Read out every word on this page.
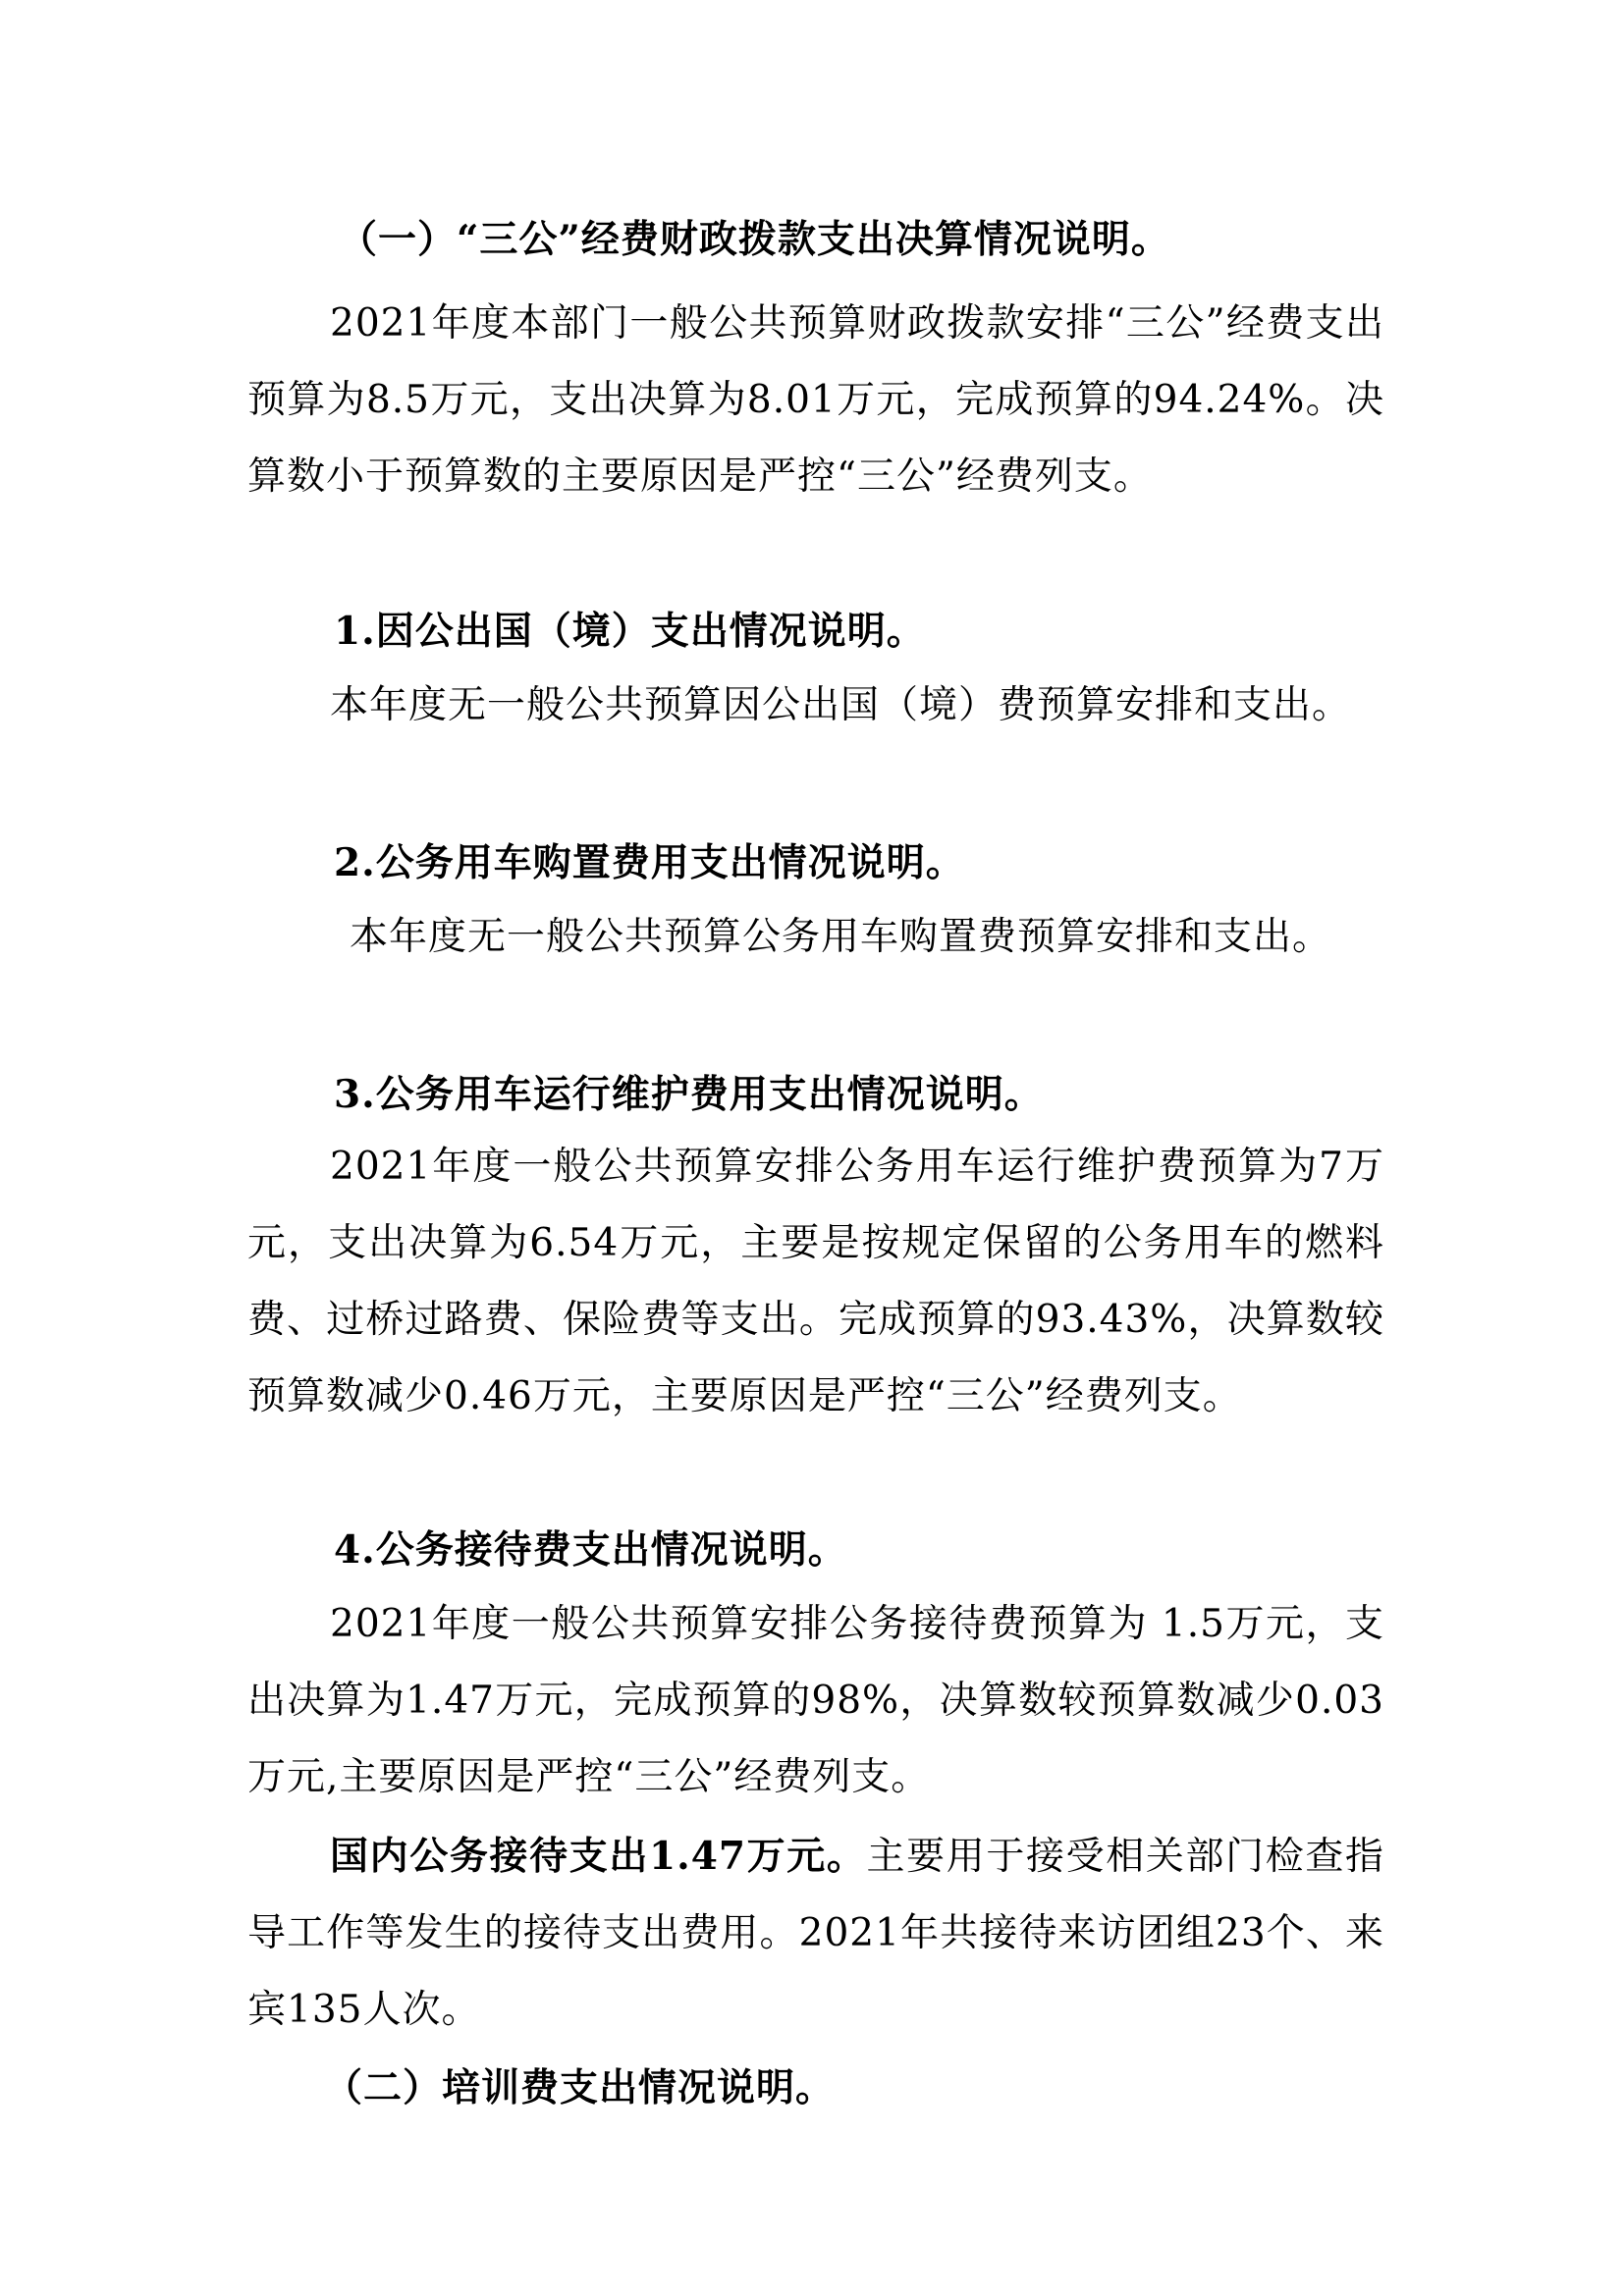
（一）“三公”经费财政拨款支出决算情况说明。

2021年度本部门一般公共预算财政拨款安排“三公”经费支出预算为8.5万元，支出决算为8.01万元，完成预算的94.24%。决算数小于预算数的主要原因是严控“三公”经费列支。

1.因公出国（境）支出情况说明。

本年度无一般公共预算因公出国（境）费预算安排和支出。

2.公务用车购置费用支出情况说明。

本年度无一般公共预算公务用车购置费预算安排和支出。

3.公务用车运行维护费用支出情况说明。

2021年度一般公共预算安排公务用车运行维护费预算为7万元，支出决算为6.54万元，主要是按规定保留的公务用车的燃料费、过桥过路费、保险费等支出。完成预算的93.43%，决算数较预算数减少0.46万元，主要原因是严控“三公”经费列支。

4.公务接待费支出情况说明。

2021年度一般公共预算安排公务接待费预算为 1.5万元，支出决算为1.47万元，完成预算的98%，决算数较预算数减少0.03万元,主要原因是严控“三公”经费列支。

国内公务接待支出1.47万元。主要用于接受相关部门检查指导工作等发生的接待支出费用。2021年共接待来访团组23个、来宾135人次。

（二）培训费支出情况说明。
